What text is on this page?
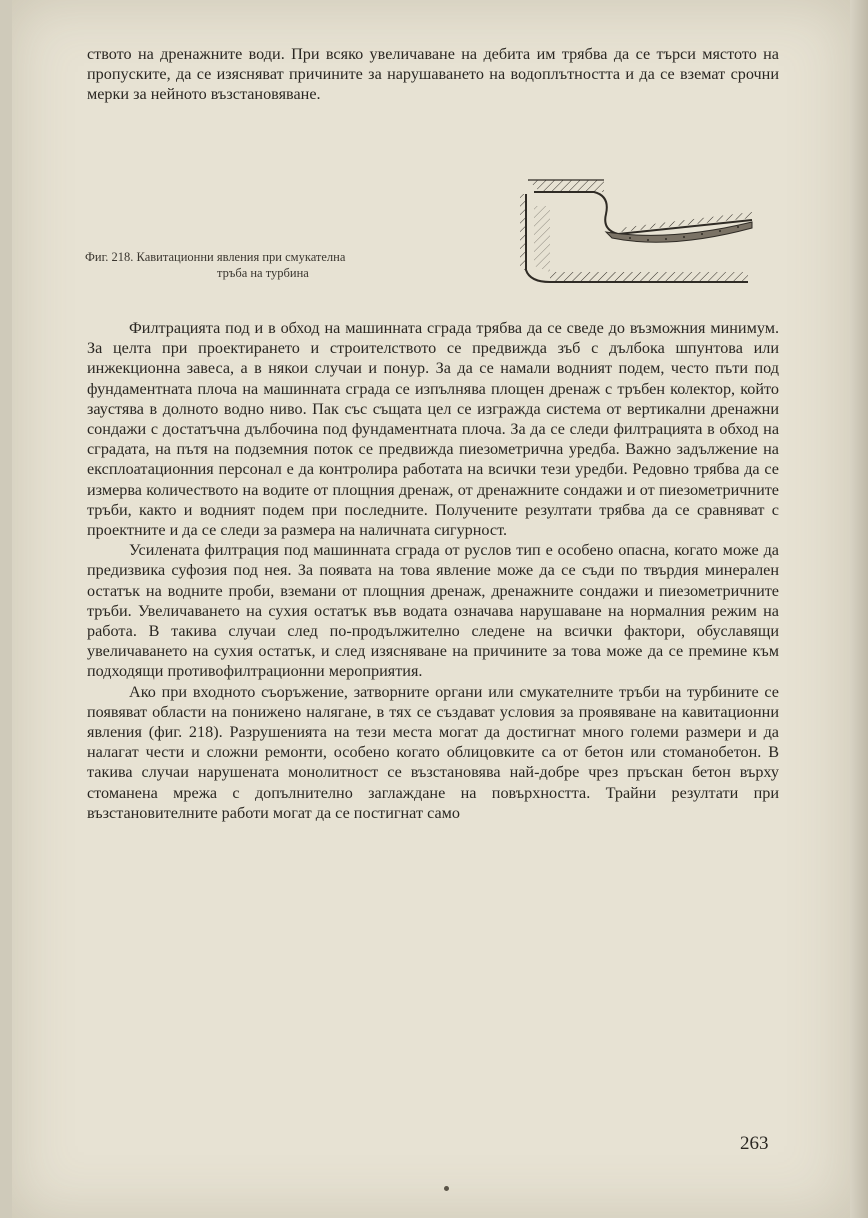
ството на дренажните води. При всяко увеличаване на дебита им трябва да се търси мястото на пропуските, да се изясняват причините за нарушаването на водоплътността и да се вземат срочни мерки за нейното възстановяване.

Фиг. 218. Кавитационни явления при смукателна
тръба на турбина

Филтрацията под и в обход на машинната сграда трябва да се сведе до възможния минимум. За целта при проектирането и строителството се предвижда зъб с дълбока шпунтова или инжекционна завеса, а в някои случаи и понур. За да се намали водният подем, често пъти под фундаментната плоча на машинната сграда се изпълнява площен дренаж с тръбен колектор, който заустява в долното водно ниво. Пак със същата цел се изгражда система от вертикални дренажни сондажи с достатъчна дълбочина под фундаментната плоча. За да се следи филтрацията в обход на сградата, на пътя на подземния поток се предвижда пиезометрична уредба. Важно задължение на експлоатационния персонал е да контролира работата на всички тези уредби. Редовно трябва да се измерва количеството на водите от площния дренаж, от дренажните сондажи и от пиезометричните тръби, както и водният подем при последните. Получените резултати трябва да се сравняват с проектните и да се следи за размера на наличната сигурност.

Усилената филтрация под машинната сграда от руслов тип е особено опасна, когато може да предизвика суфозия под нея. За появата на това явление може да се съди по твърдия минерален остатък на водните проби, вземани от площния дренаж, дренажните сондажи и пиезометричните тръби. Увеличаването на сухия остатък във водата означава нарушаване на нормалния режим на работа. В такива случаи след по-продължително следене на всички фактори, обуславящи увеличаването на сухия остатък, и след изясняване на причините за това може да се премине към подходящи противофилтрационни мероприятия.

Ако при входното съоръжение, затворните органи или смукателните тръби на турбините се появяват области на понижено налягане, в тях се създават условия за проявяване на кавитационни явления (фиг. 218). Разрушенията на тези места могат да достигнат много големи размери и да налагат чести и сложни ремонти, особено когато облицовките са от бетон или стоманобетон. В такива случаи нарушената монолитност се възстановява най-добре чрез пръскан бетон върху стоманена мрежа с допълнително заглаждане на повърхността. Трайни резултати при възстановителните работи могат да се постигнат само

263
